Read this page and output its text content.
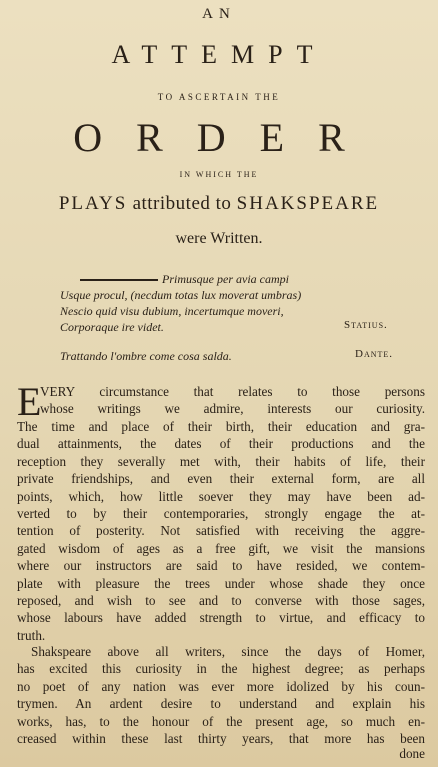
AN
ATTEMPT
TO ASCERTAIN THE
ORDER
IN WHICH THE
PLAYS attributed to SHAKSPEARE
were Written.
Primusque per avia campi
Usque procul, (necdum totas lux moverat umbras)
Nescio quid visu dubium, incertumque moveri,
Corporaque ire videt.	Statius.
Trattando l'ombre come cosa salda.	Dante.
E
VERY circumstance that relates to those persons
whose writings we admire, interests our curiosity.
The time and place of their birth, their education and gra-
dual attainments, the dates of their productions and the
reception they severally met with, their habits of life, their
private friendships, and even their external form, are all
points, which, how little soever they may have been ad-
verted to by their contemporaries, strongly engage the at-
tention of posterity. Not satisfied with receiving the aggre-
gated wisdom of ages as a free gift, we visit the mansions
where our instructors are said to have resided, we contem-
plate with pleasure the trees under whose shade they once
reposed, and wish to see and to converse with those sages,
whose labours have added strength to virtue, and efficacy to
truth.
Shakspeare above all writers, since the days of Homer,
has excited this curiosity in the highest degree; as perhaps
no poet of any nation was ever more idolized by his coun-
trymen. An ardent desire to understand and explain his
works, has, to the honour of the present age, so much en-
creased within these last thirty years, that more has been
done
